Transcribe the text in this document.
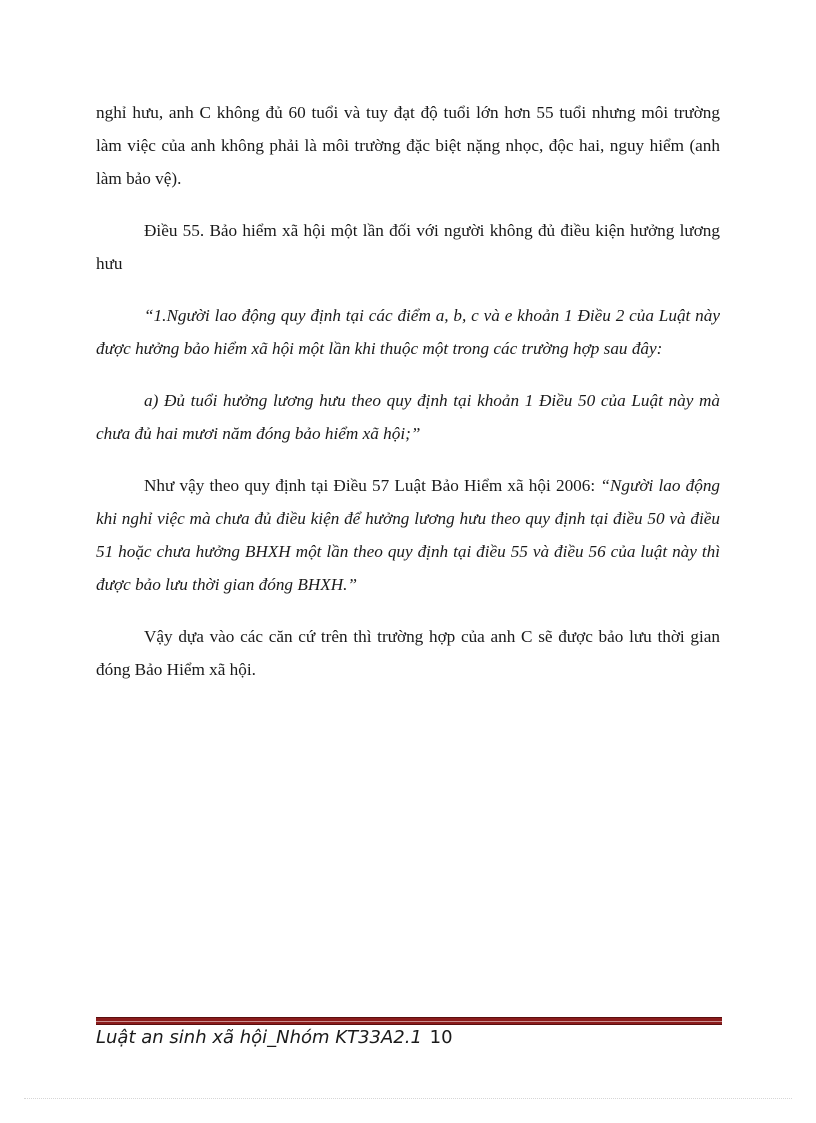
nghỉ hưu, anh C không đủ 60 tuổi và tuy đạt độ tuổi lớn hơn 55 tuổi nhưng môi trường làm việc của anh không phải là môi trường đặc biệt nặng nhọc, độc hai, nguy hiểm (anh làm bảo vệ).

Điều 55. Bảo hiểm xã hội một lần đối với người không đủ điều kiện hưởng lương hưu

“1.Người lao động quy định tại các điểm a, b, c và e khoản 1 Điều 2 của Luật này được hưởng bảo hiểm xã hội một lần khi thuộc một trong các trường hợp sau đây:

a) Đủ tuổi hưởng lương hưu theo quy định tại khoản 1 Điều 50 của Luật này mà chưa đủ hai mươi năm đóng bảo hiểm xã hội;”

Như vậy theo quy định tại Điều 57 Luật Bảo Hiểm xã hội 2006: “Người lao động khi nghỉ việc mà chưa đủ điều kiện để hưởng lương hưu theo quy định tại điều 50 và điều 51 hoặc chưa hưởng BHXH một lần theo quy định tại điều 55 và điều 56 của luật này thì được bảo lưu thời gian đóng BHXH.”

Vậy dựa vào các căn cứ trên thì trường hợp của anh C sẽ được bảo lưu thời gian đóng Bảo Hiểm xã hội.

Luật an sinh xã hội_Nhóm KT33A2.1 10
